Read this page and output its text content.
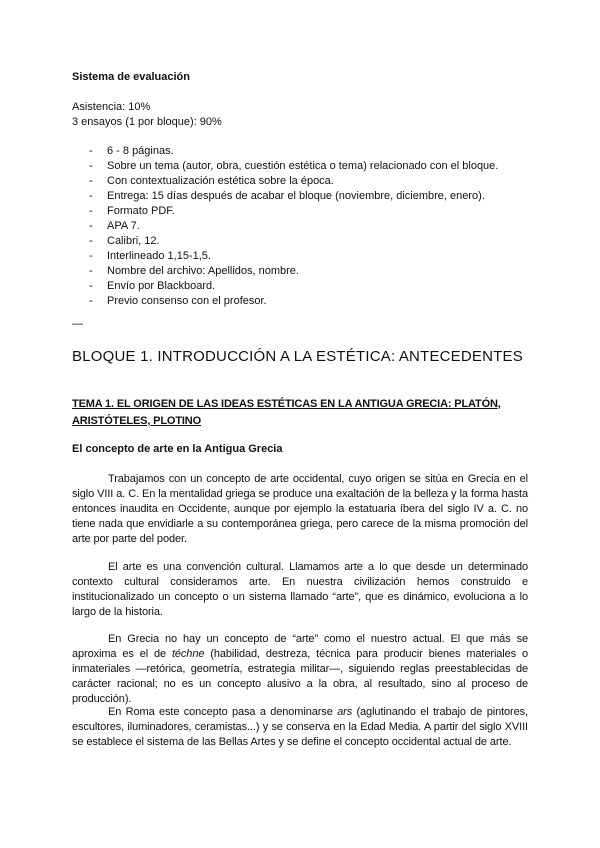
Sistema de evaluación
Asistencia: 10%
3 ensayos (1 por bloque): 90%
- 6 - 8 páginas.
- Sobre un tema (autor, obra, cuestión estética o tema) relacionado con el bloque.
- Con contextualización estética sobre la época.
- Entrega: 15 días después de acabar el bloque (noviembre, diciembre, enero).
- Formato PDF.
- APA 7.
- Calibri, 12.
- Interlineado 1,15-1,5.
- Nombre del archivo: Apellidos, nombre.
- Envío por Blackboard.
- Previo consenso con el profesor.
—
BLOQUE 1. INTRODUCCIÓN A LA ESTÉTICA: ANTECEDENTES
TEMA 1. EL ORIGEN DE LAS IDEAS ESTÉTICAS EN LA ANTIGUA GRECIA: PLATÓN, ARISTÓTELES, PLOTINO
El concepto de arte en la Antigua Grecia

Trabajamos con un concepto de arte occidental, cuyo origen se sitúa en Grecia en el siglo VIII a. C. En la mentalidad griega se produce una exaltación de la belleza y la forma hasta entonces inaudita en Occidente, aunque por ejemplo la estatuaria íbera del siglo IV a. C. no tiene nada que envidiarle a su contemporánea griega, pero carece de la misma promoción del arte por parte del poder.

El arte es una convención cultural. Llamamos arte a lo que desde un determinado contexto cultural consideramos arte. En nuestra civilización hemos construido e institucionalizado un concepto o un sistema llamado “arte”, que es dinámico, evoluciona a lo largo de la historia.

En Grecia no hay un concepto de “arte” como el nuestro actual. El que más se aproxima es el de téchne (habilidad, destreza, técnica para producir bienes materiales o inmateriales —retórica, geometría, estrategia militar—, siguiendo reglas preestablecidas de carácter racional; no es un concepto alusivo a la obra, al resultado, sino al proceso de producción).

En Roma este concepto pasa a denominarse ars (aglutinando el trabajo de pintores, escultores, iluminadores, ceramistas...) y se conserva en la Edad Media. A partir del siglo XVIII se establece el sistema de las Bellas Artes y se define el concepto occidental actual de arte.
